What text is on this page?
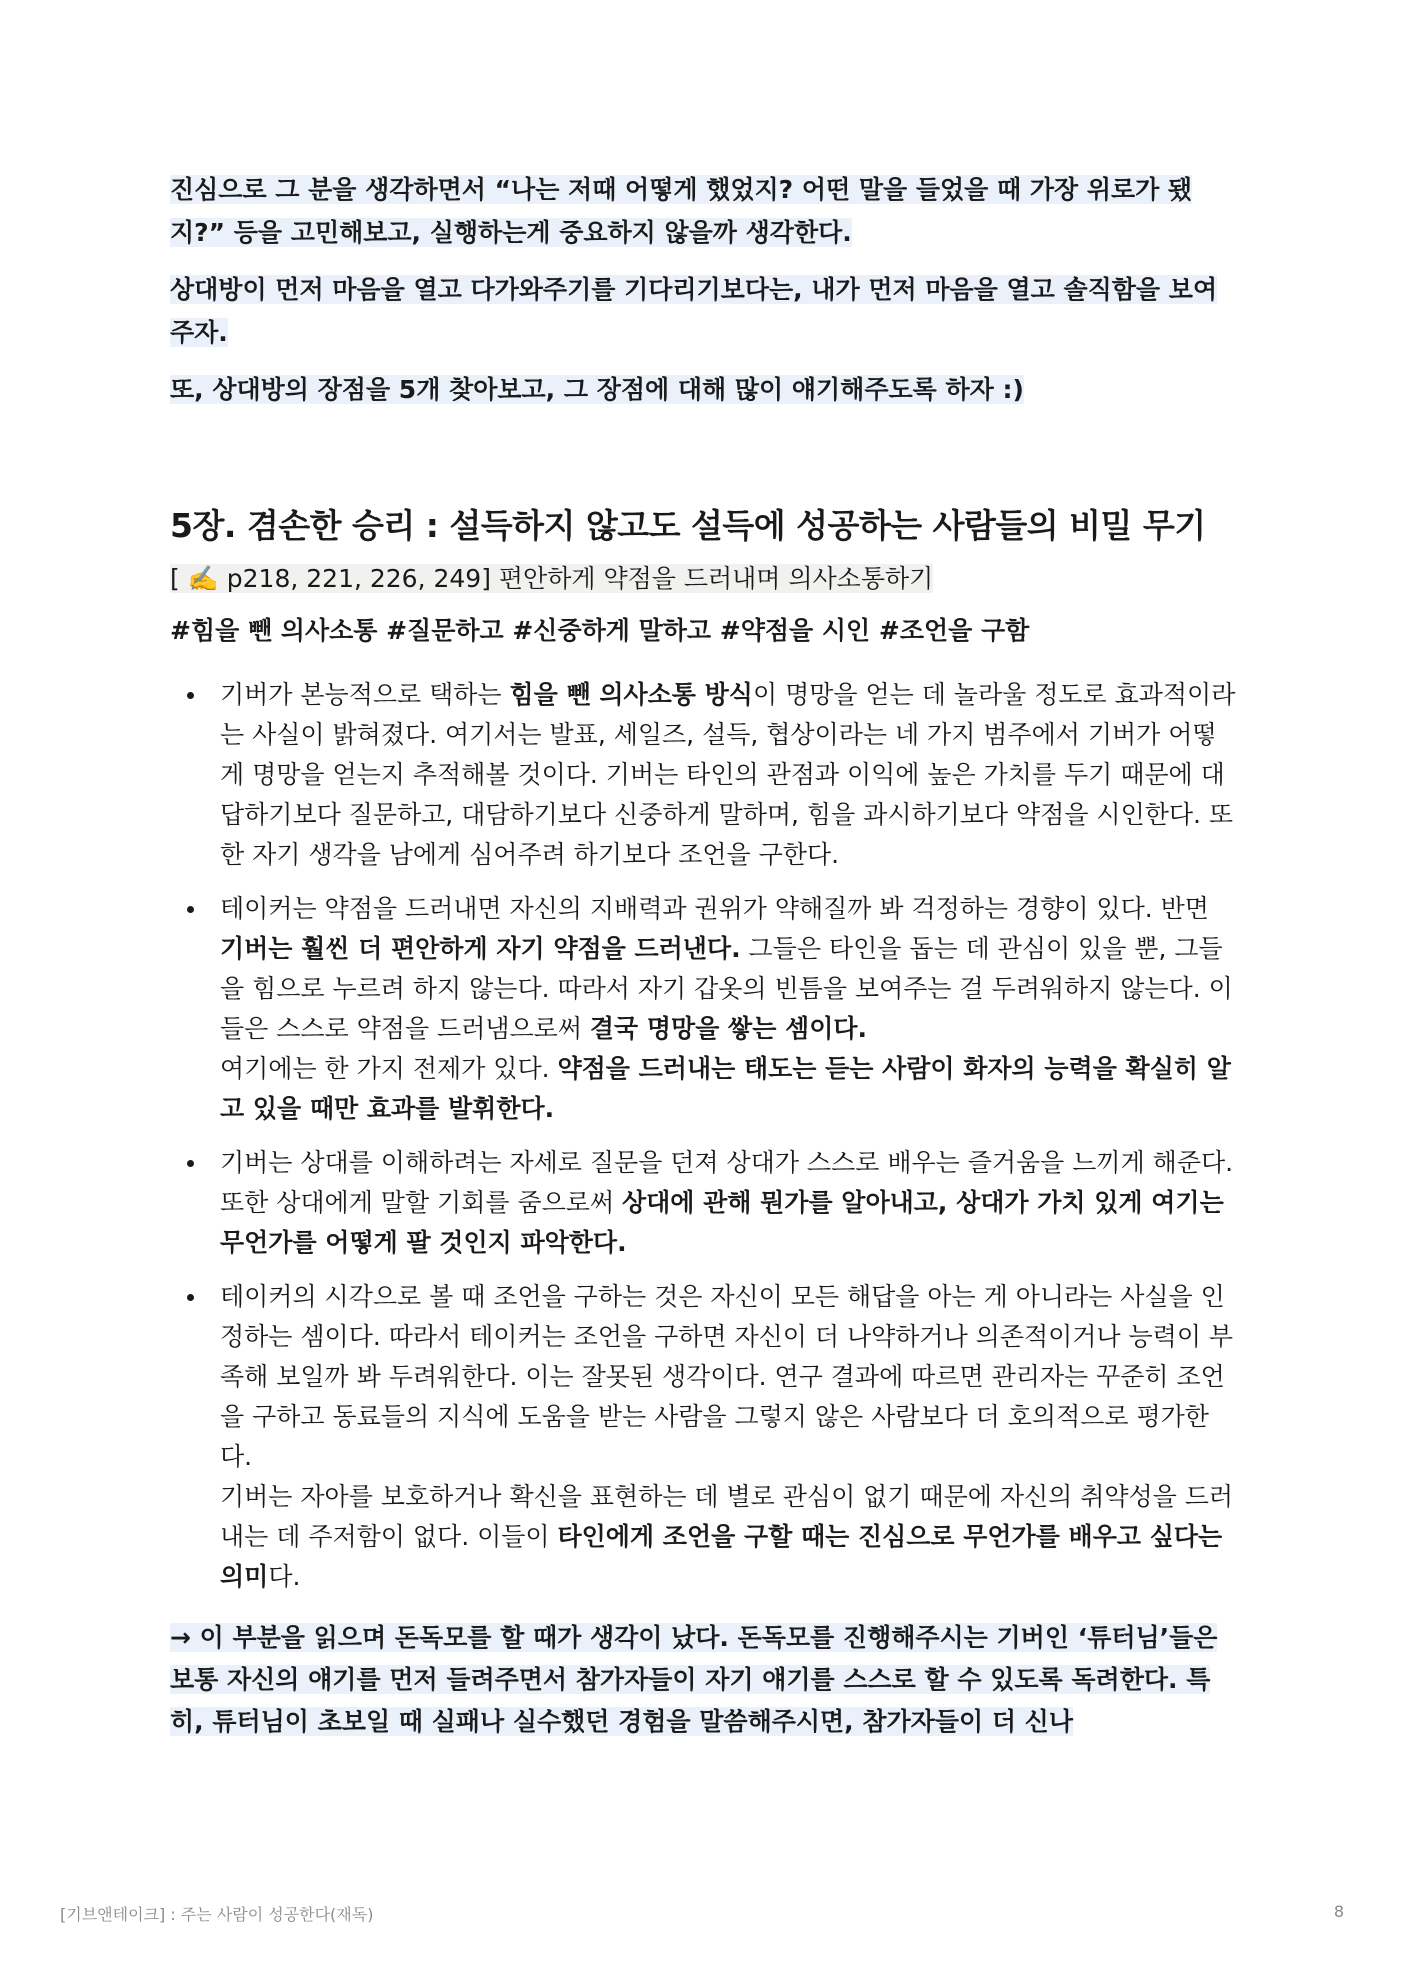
진심으로 그 분을 생각하면서 “나는 저때 어떻게 했었지? 어떤 말을 들었을 때 가장 위로가 됐지?” 등을 고민해보고, 실행하는게 중요하지 않을까 생각한다.

상대방이 먼저 마음을 열고 다가와주기를 기다리기보다는, 내가 먼저 마음을 열고 솔직함을 보여주자.

또, 상대방의 장점을 5개 찾아보고, 그 장점에 대해 많이 얘기해주도록 하자 :)

5장. 겸손한 승리 : 설득하지 않고도 설득에 성공하는 사람들의 비밀 무기

[ ✍️ p218, 221, 226, 249] 편안하게 약점을 드러내며 의사소통하기

#힘을 뺀 의사소통 #질문하고 #신중하게 말하고 #약점을 시인 #조언을 구함

기버가 본능적으로 택하는 힘을 뺀 의사소통 방식이 명망을 얻는 데 놀라울 정도로 효과적이라는 사실이 밝혀졌다. 여기서는 발표, 세일즈, 설득, 협상이라는 네 가지 범주에서 기버가 어떻게 명망을 얻는지 추적해볼 것이다. 기버는 타인의 관점과 이익에 높은 가치를 두기 때문에 대답하기보다 질문하고, 대담하기보다 신중하게 말하며, 힘을 과시하기보다 약점을 시인한다. 또한 자기 생각을 남에게 심어주려 하기보다 조언을 구한다.
테이커는 약점을 드러내면 자신의 지배력과 권위가 약해질까 봐 걱정하는 경향이 있다. 반면 기버는 훨씬 더 편안하게 자기 약점을 드러낸다. 그들은 타인을 돕는 데 관심이 있을 뿐, 그들을 힘으로 누르려 하지 않는다. 따라서 자기 갑옷의 빈틈을 보여주는 걸 두려워하지 않는다. 이들은 스스로 약점을 드러냄으로써 결국 명망을 쌓는 셈이다.
여기에는 한 가지 전제가 있다. 약점을 드러내는 태도는 듣는 사람이 화자의 능력을 확실히 알고 있을 때만 효과를 발휘한다.
기버는 상대를 이해하려는 자세로 질문을 던져 상대가 스스로 배우는 즐거움을 느끼게 해준다. 또한 상대에게 말할 기회를 줌으로써 상대에 관해 뭔가를 알아내고, 상대가 가치 있게 여기는 무언가를 어떻게 팔 것인지 파악한다.
테이커의 시각으로 볼 때 조언을 구하는 것은 자신이 모든 해답을 아는 게 아니라는 사실을 인정하는 셈이다. 따라서 테이커는 조언을 구하면 자신이 더 나약하거나 의존적이거나 능력이 부족해 보일까 봐 두려워한다. 이는 잘못된 생각이다. 연구 결과에 따르면 관리자는 꾸준히 조언을 구하고 동료들의 지식에 도움을 받는 사람을 그렇지 않은 사람보다 더 호의적으로 평가한다.
기버는 자아를 보호하거나 확신을 표현하는 데 별로 관심이 없기 때문에 자신의 취약성을 드러내는 데 주저함이 없다. 이들이 타인에게 조언을 구할 때는 진심으로 무언가를 배우고 싶다는 의미다.

→ 이 부분을 읽으며 돈독모를 할 때가 생각이 났다. 돈독모를 진행해주시는 기버인 ‘튜터님’들은 보통 자신의 얘기를 먼저 들려주면서 참가자들이 자기 얘기를 스스로 할 수 있도록 독려한다. 특히, 튜터님이 초보일 때 실패나 실수했던 경험을 말씀해주시면, 참가자들이 더 신나

[기브앤테이크] : 주는 사람이 성공한다(재독)	8
